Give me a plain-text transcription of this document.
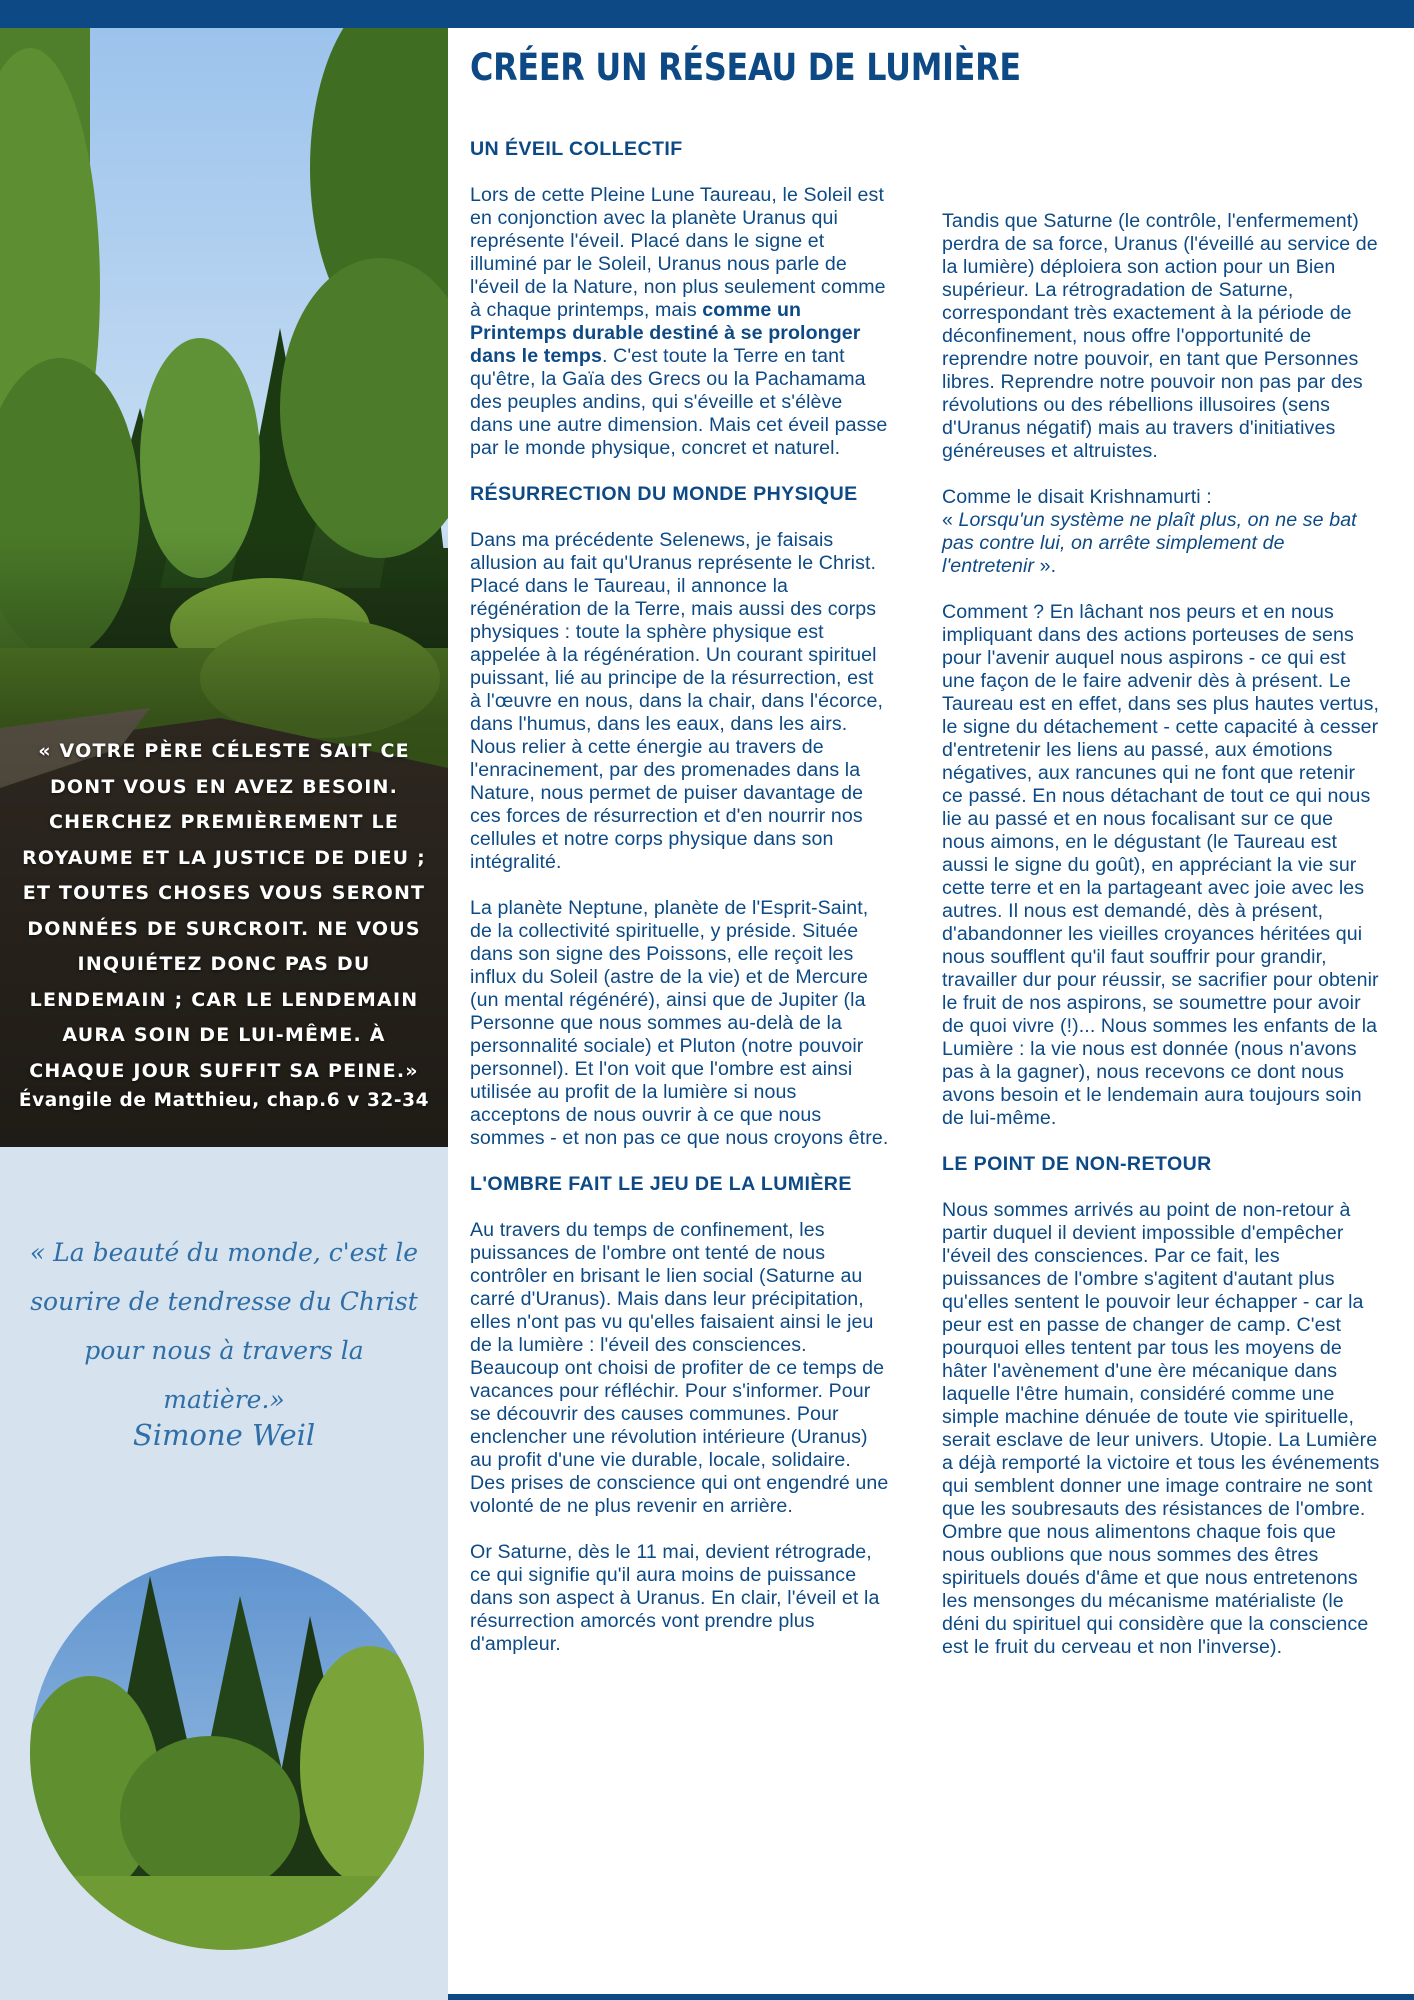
« VOTRE PÈRE CÉLESTE SAIT CE DONT VOUS EN AVEZ BESOIN. CHERCHEZ PREMIÈREMENT LE ROYAUME ET LA JUSTICE DE DIEU ; ET TOUTES CHOSES VOUS SERONT DONNÉES DE SURCROIT. NE VOUS INQUIÉTEZ DONC PAS DU LENDEMAIN ; CAR LE LENDEMAIN AURA SOIN DE LUI-MÊME. À CHAQUE JOUR SUFFIT SA PEINE.»
Évangile de Matthieu, chap.6 v 32-34
« La beauté du monde, c'est le sourire de tendresse du Christ pour nous à travers la matière.»
Simone Weil
CRÉER UN RÉSEAU DE LUMIÈRE
UN ÉVEIL COLLECTIF

Lors de cette Pleine Lune Taureau, le Soleil est en conjonction avec la planète Uranus qui représente l'éveil. Placé dans le signe et illuminé par le Soleil, Uranus nous parle de l'éveil de la Nature, non plus seulement comme à chaque printemps, mais comme un Printemps durable destiné à se prolonger dans le temps. C'est toute la Terre en tant qu'être, la Gaïa des Grecs ou la Pachamama des peuples andins, qui s'éveille et s'élève dans une autre dimension. Mais cet éveil passe par le monde physique, concret et naturel.

RÉSURRECTION DU MONDE PHYSIQUE

Dans ma précédente Selenews, je faisais allusion au fait qu'Uranus représente le Christ. Placé dans le Taureau, il annonce la régénération de la Terre, mais aussi des corps physiques : toute la sphère physique est appelée à la régénération. Un courant spirituel puissant, lié au principe de la résurrection, est à l'œuvre en nous, dans la chair, dans l'écorce, dans l'humus, dans les eaux, dans les airs. Nous relier à cette énergie au travers de l'enracinement, par des promenades dans la Nature, nous permet de puiser davantage de ces forces de résurrection et d'en nourrir nos cellules et notre corps physique dans son intégralité.

La planète Neptune, planète de l'Esprit-Saint, de la collectivité spirituelle, y préside. Située dans son signe des Poissons, elle reçoit les influx du Soleil (astre de la vie) et de Mercure (un mental régénéré), ainsi que de Jupiter (la Personne que nous sommes au-delà de la personnalité sociale) et Pluton (notre pouvoir personnel). Et l'on voit que l'ombre est ainsi utilisée au profit de la lumière si nous acceptons de nous ouvrir à ce que nous sommes - et non pas ce que nous croyons être.

L'OMBRE FAIT LE JEU DE LA LUMIÈRE

Au travers du temps de confinement, les puissances de l'ombre ont tenté de nous contrôler en brisant le lien social (Saturne au carré d'Uranus). Mais dans leur précipitation, elles n'ont pas vu qu'elles faisaient ainsi le jeu de la lumière : l'éveil des consciences. Beaucoup ont choisi de profiter de ce temps de vacances pour réfléchir. Pour s'informer. Pour se découvrir des causes communes. Pour enclencher une révolution intérieure (Uranus) au profit d'une vie durable, locale, solidaire. Des prises de conscience qui ont engendré une volonté de ne plus revenir en arrière.

Or Saturne, dès le 11 mai, devient rétrograde, ce qui signifie qu'il aura moins de puissance dans son aspect à Uranus. En clair, l'éveil et la résurrection amorcés vont prendre plus d'ampleur.

Tandis que Saturne (le contrôle, l'enfermement) perdra de sa force, Uranus (l'éveillé au service de la lumière) déploiera son action pour un Bien supérieur. La rétrogradation de Saturne, correspondant très exactement à la période de déconfinement, nous offre l'opportunité de reprendre notre pouvoir, en tant que Personnes libres. Reprendre notre pouvoir non pas par des révolutions ou des rébellions illusoires (sens d'Uranus négatif) mais au travers d'initiatives généreuses et altruistes.

Comme le disait Krishnamurti :
« Lorsqu'un système ne plaît plus, on ne se bat pas contre lui, on arrête simplement de l'entretenir ».

Comment ? En lâchant nos peurs et en nous impliquant dans des actions porteuses de sens pour l'avenir auquel nous aspirons - ce qui est une façon de le faire advenir dès à présent. Le Taureau est en effet, dans ses plus hautes vertus, le signe du détachement - cette capacité à cesser d'entretenir les liens au passé, aux émotions négatives, aux rancunes qui ne font que retenir ce passé. En nous détachant de tout ce qui nous lie au passé et en nous focalisant sur ce que nous aimons, en le dégustant (le Taureau est aussi le signe du goût), en appréciant la vie sur cette terre et en la partageant avec joie avec les autres. Il nous est demandé, dès à présent, d'abandonner les vieilles croyances héritées qui nous soufflent qu'il faut souffrir pour grandir, travailler dur pour réussir, se sacrifier pour obtenir le fruit de nos aspirons, se soumettre pour avoir de quoi vivre (!)... Nous sommes les enfants de la Lumière : la vie nous est donnée (nous n'avons pas à la gagner), nous recevons ce dont nous avons besoin et le lendemain aura toujours soin de lui-même.

LE POINT DE NON-RETOUR

Nous sommes arrivés au point de non-retour à partir duquel il devient impossible d'empêcher l'éveil des consciences. Par ce fait, les puissances de l'ombre s'agitent d'autant plus qu'elles sentent le pouvoir leur échapper - car la peur est en passe de changer de camp. C'est pourquoi elles tentent par tous les moyens de hâter l'avènement d'une ère mécanique dans laquelle l'être humain, considéré comme une simple machine dénuée de toute vie spirituelle, serait esclave de leur univers. Utopie. La Lumière a déjà remporté la victoire et tous les événements qui semblent donner une image contraire ne sont que les soubresauts des résistances de l'ombre. Ombre que nous alimentons chaque fois que nous oublions que nous sommes des êtres spirituels doués d'âme et que nous entretenons les mensonges du mécanisme matérialiste (le déni du spirituel qui considère que la conscience est le fruit du cerveau et non l'inverse).
